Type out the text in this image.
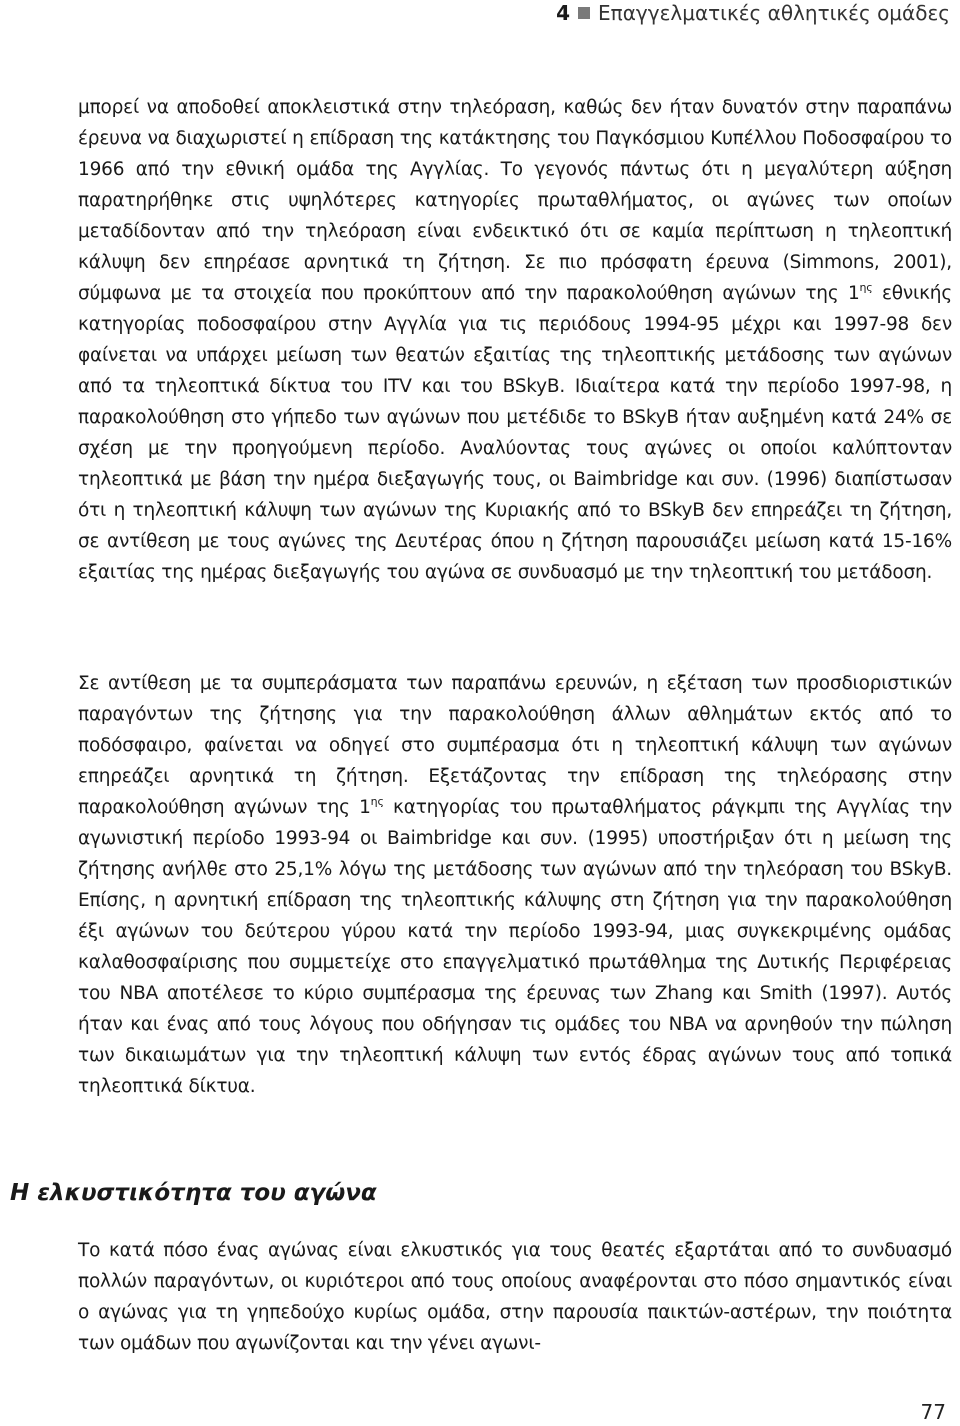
4 Επαγγελματικές αθλητικές ομάδες

μπορεί να αποδοθεί αποκλειστικά στην τηλεόραση, καθώς δεν ήταν δυνατόν στην παραπάνω έρευνα να διαχωριστεί η επίδραση της κατάκτησης του Παγκόσμιου Κυπέλλου Ποδοσφαίρου το 1966 από την εθνική ομάδα της Αγγλίας. Το γεγονός πάντως ότι η μεγαλύτερη αύξηση παρατηρήθηκε στις υψηλότερες κατηγορίες πρωταθλήματος, οι αγώνες των οποίων μεταδίδονταν από την τηλεόραση είναι ενδεικτικό ότι σε καμία περίπτωση η τηλεοπτική κάλυψη δεν επηρέασε αρνητικά τη ζήτηση. Σε πιο πρόσφατη έρευνα (Simmons, 2001), σύμφωνα με τα στοιχεία που προκύπτουν από την παρακολούθηση αγώνων της $1^{\eta\varsigma}$ εθνικής κατηγορίας ποδοσφαίρου στην Αγγλία για τις περιόδους 1994-95 μέχρι και 1997-98 δεν φαίνεται να υπάρχει μείωση των θεατών εξαιτίας της τηλεοπτικής μετάδοσης των αγώνων από τα τηλεοπτικά δίκτυα του ITV και του BSkyB. Ιδιαίτερα κατά την περίοδο 1997-98, η παρακολούθηση στο γήπεδο των αγώνων που μετέδιδε το BSkyB ήταν αυξημένη κατά 24% σε σχέση με την προηγούμενη περίοδο. Αναλύοντας τους αγώνες οι οποίοι καλύπτονταν τηλεοπτικά με βάση την ημέρα διεξαγωγής τους, οι Baimbridge και συν. (1996) διαπίστωσαν ότι η τηλεοπτική κάλυψη των αγώνων της Κυριακής από το BSkyB δεν επηρεάζει τη ζήτηση, σε αντίθεση με τους αγώνες της Δευτέρας όπου η ζήτηση παρουσιάζει μείωση κατά 15-16% εξαιτίας της ημέρας διεξαγωγής του αγώνα σε συνδυασμό με την τηλεοπτική του μετάδοση.

Σε αντίθεση με τα συμπεράσματα των παραπάνω ερευνών, η εξέταση των προσδιοριστικών παραγόντων της ζήτησης για την παρακολούθηση άλλων αθλημάτων εκτός από το ποδόσφαιρο, φαίνεται να οδηγεί στο συμπέρασμα ότι η τηλεοπτική κάλυψη των αγώνων επηρεάζει αρνητικά τη ζήτηση. Εξετάζοντας την επίδραση της τηλεόρασης στην παρακολούθηση αγώνων της $1^{\eta\varsigma}$ κατηγορίας του πρωταθλήματος ράγκμπι της Αγγλίας την αγωνιστική περίοδο 1993-94 οι Baimbridge και συν. (1995) υποστήριξαν ότι η μείωση της ζήτησης ανήλθε στο 25,1% λόγω της μετάδοσης των αγώνων από την τηλεόραση του BSkyB. Επίσης, η αρνητική επίδραση της τηλεοπτικής κάλυψης στη ζήτηση για την παρακολούθηση έξι αγώνων του δεύτερου γύρου κατά την περίοδο 1993-94, μιας συγκεκριμένης ομάδας καλαθοσφαίρισης που συμμετείχε στο επαγγελματικό πρωτάθλημα της Δυτικής Περιφέρειας του NBA αποτέλεσε το κύριο συμπέρασμα της έρευνας των Zhang και Smith (1997). Αυτός ήταν και ένας από τους λόγους που οδήγησαν τις ομάδες του NBA να αρνηθούν την πώληση των δικαιωμάτων για την τηλεοπτική κάλυψη των εντός έδρας αγώνων τους από τοπικά τηλεοπτικά δίκτυα.

Η ελκυστικότητα του αγώνα

Το κατά πόσο ένας αγώνας είναι ελκυστικός για τους θεατές εξαρτάται από το συνδυασμό πολλών παραγόντων, οι κυριότεροι από τους οποίους αναφέρονται στο πόσο σημαντικός είναι ο αγώνας για τη γηπεδούχο κυρίως ομάδα, στην παρουσία παικτών-αστέρων, την ποιότητα των ομάδων που αγωνίζονται και την γένει αγωνι-

77
